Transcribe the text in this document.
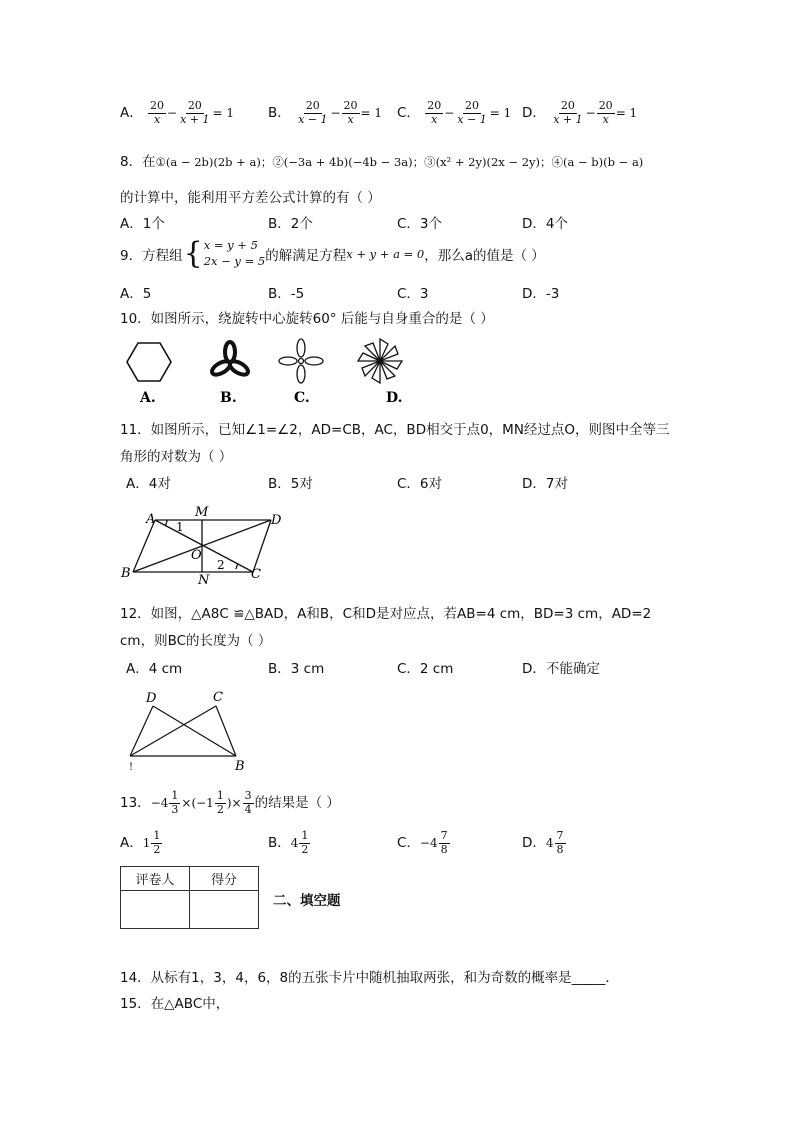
A． $\frac{20}{x} - \frac{20}{x + 1} = 1$	B． $\frac{20}{x - 1} - \frac{20}{x} = 1$ C． $\frac{20}{x} - \frac{20}{x - 1} = 1$ D． $\frac{20}{x + 1} - \frac{20}{x} = 1$
8．在①(a − 2b)(2b + a)；②(−3a + 4b)(−4b − 3a)；③(x² + 2y)(2x − 2y)；④(a − b)(b − a)
的计算中，能利用平方差公式计算的有（ ）
A．1个	B．2个	C．3个	D．4个
9．方程组 { x = y + 5
2x − y = 5 的解满足方程 x + y + a = 0 ，那么a的值是（ ）
A．5	B．-5	C．3	D．-3
10．如图所示，绕旋转中心旋转60° 后能与自身重合的是（ ）
A.	B.	C.	D.
11．如图所示，已知∠1=∠2，AD=CB，AC，BD相交于点0，MN经过点O，则图中全等三
角形的对数为（ ）
A．4对	B．5对	C．6对	D．7对
A	M
D
B	N	C
O
1
2
12．如图，△A8C ≌△BAD，A和B，C和D是对应点，若AB=4 cm，BD=3 cm，AD=2
cm，则BC的长度为（ ）
A．4 cm	B．3 cm	C．2 cm	D．不能确定
D	C
B
!
13．$-4 \frac{1}{3} \times(-1 \frac{1}{2}$ )× $\frac{3}{4}$ 的结果是（ ）
A．$1 \frac{1}{2}$	B．$4 \frac{1}{2}$	C．$-4 \frac{7}{8}$	D．$4 \frac{7}{8}$
评卷人	得分

二、填空题
14．从标有1，3，4，6，8的五张卡片中随机抽取两张，和为奇数的概率是_____．
15．在△ABC中，
